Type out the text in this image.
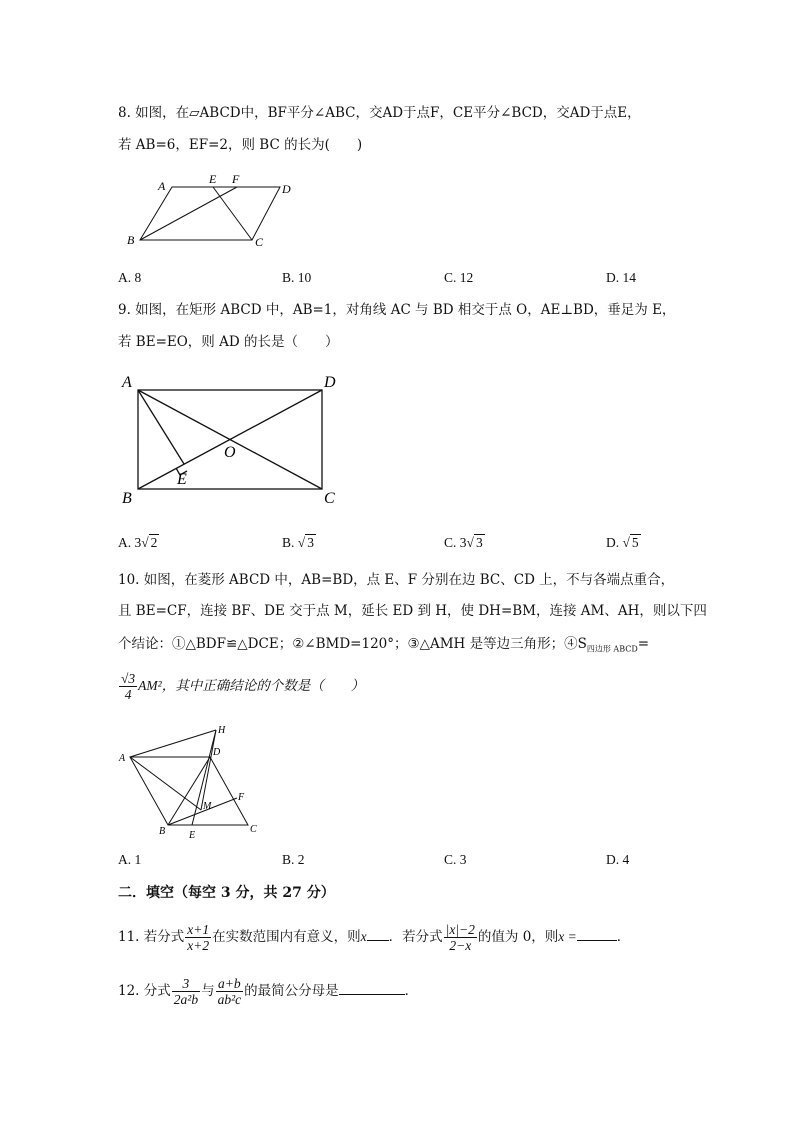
8. 如图，在▱ABCD中，BF平分∠ABC，交AD于点F，CE平分∠BCD，交AD于点E，
若 AB=6，EF=2，则 BC 的长为(　　)
A
B	C
D
E F
A. 8	B. 10	C. 12	D. 14
9. 如图，在矩形 ABCD 中，AB=1，对角线 AC 与 BD 相交于点 O，AE⊥BD，垂足为 E，
若 BE=EO，则 AD 的长是（　　）
A
B	C
D
E
O
A. 3√ 2	B. √ 3	C. 3√ 3	D. √ 5
10. 如图，在菱形 ABCD 中，AB=BD，点 E、F 分别在边 BC、CD 上，不与各端点重合，
且 BE=CF，连接 BF、DE 交于点 M，延长 ED 到 H，使 DH=BM，连接 AM、AH，则以下四
个结论：①△BDF≌△DCE；②∠BMD=120°；③△AMH 是等边三角形；$④S_{四边形 ABCD}=$
$\frac{√3}{4} AM^2$，其中正确结论的个数是（　　）
A
B	C
D
E
F
H
M
A. 1	B. 2	C. 3	D. 4
二．填空（每空 3 分，共 27 分）
11. 若分式 $\frac{x+1}{x+2}$ 在实数范围内有意义，则x ．若分式 $\frac{|x|-2}{2-x}$ 的值为 0，则x =	．
12. 分式 $\frac{3}{\text{2a²b}}$ 与 $\frac{a+b}{\text{ab²c}}$ 的最简公分母是	．
